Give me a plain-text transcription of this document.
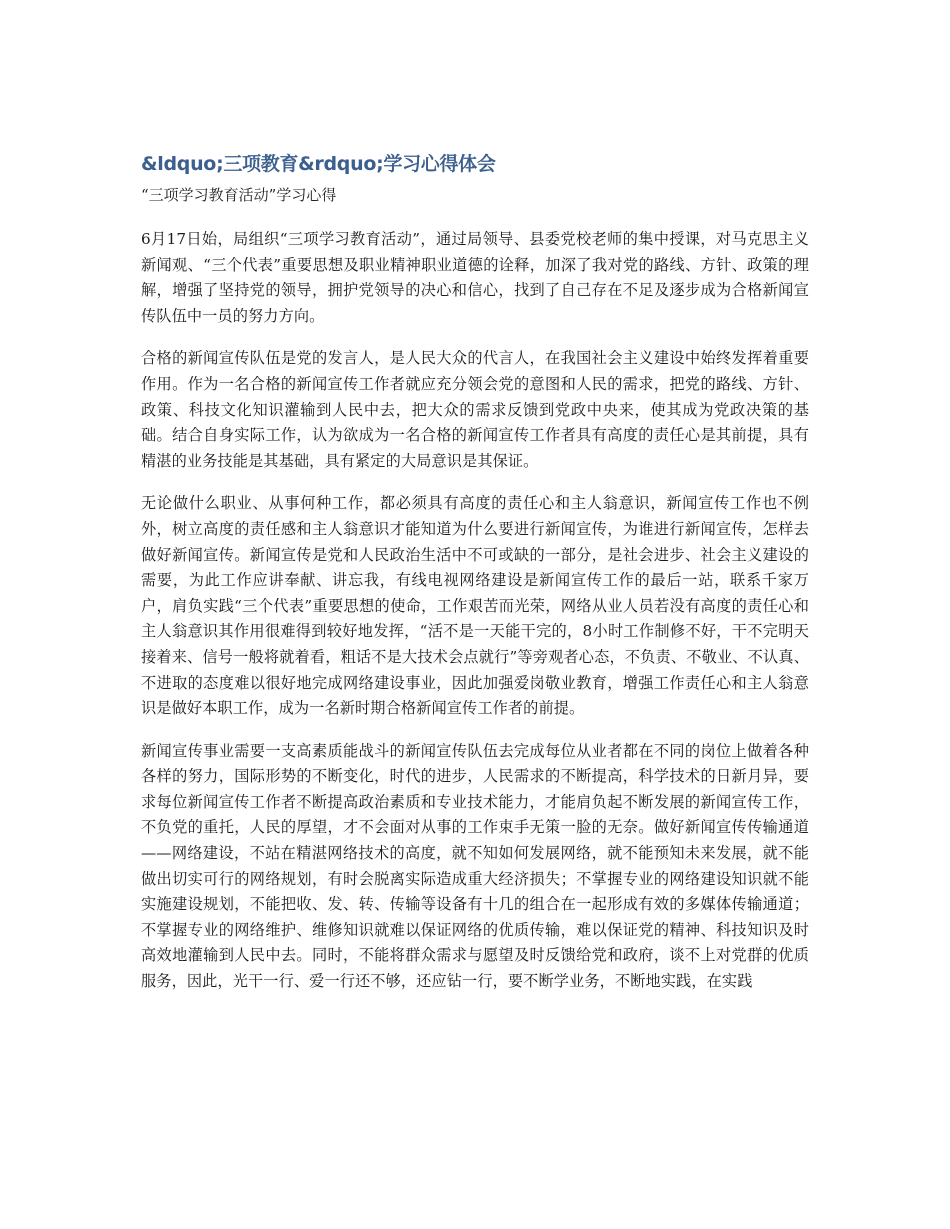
&ldquo;三项教育&rdquo;学习心得体会
“三项学习教育活动”学习心得

6月17日始，局组织“三项学习教育活动”，通过局领导、县委党校老师的集中授课，对马克思主义新闻观、“三个代表”重要思想及职业精神职业道德的诠释，加深了我对党的路线、方针、政策的理解，增强了坚持党的领导，拥护党领导的决心和信心，找到了自己存在不足及逐步成为合格新闻宣传队伍中一员的努力方向。

合格的新闻宣传队伍是党的发言人，是人民大众的代言人，在我国社会主义建设中始终发挥着重要作用。作为一名合格的新闻宣传工作者就应充分领会党的意图和人民的需求，把党的路线、方针、政策、科技文化知识灌输到人民中去，把大众的需求反馈到党政中央来，使其成为党政决策的基础。结合自身实际工作，认为欲成为一名合格的新闻宣传工作者具有高度的责任心是其前提，具有精湛的业务技能是其基础，具有紧定的大局意识是其保证。

无论做什么职业、从事何种工作，都必须具有高度的责任心和主人翁意识，新闻宣传工作也不例外，树立高度的责任感和主人翁意识才能知道为什么要进行新闻宣传，为谁进行新闻宣传，怎样去做好新闻宣传。新闻宣传是党和人民政治生活中不可或缺的一部分，是社会进步、社会主义建设的需要，为此工作应讲奉献、讲忘我，有线电视网络建设是新闻宣传工作的最后一站，联系千家万户，肩负实践“三个代表”重要思想的使命，工作艰苦而光荣，网络从业人员若没有高度的责任心和主人翁意识其作用很难得到较好地发挥，“活不是一天能干完的，8小时工作制修不好，干不完明天接着来、信号一般将就着看，粗话不是大技术会点就行”等旁观者心态，不负责、不敬业、不认真、不进取的态度难以很好地完成网络建设事业，因此加强爱岗敬业教育，增强工作责任心和主人翁意识是做好本职工作，成为一名新时期合格新闻宣传工作者的前提。

新闻宣传事业需要一支高素质能战斗的新闻宣传队伍去完成每位从业者都在不同的岗位上做着各种各样的努力，国际形势的不断变化，时代的进步，人民需求的不断提高，科学技术的日新月异，要求每位新闻宣传工作者不断提高政治素质和专业技术能力，才能肩负起不断发展的新闻宣传工作，不负党的重托，人民的厚望，才不会面对从事的工作束手无策一脸的无奈。做好新闻宣传传输通道——网络建设，不站在精湛网络技术的高度，就不知如何发展网络，就不能预知未来发展，就不能做出切实可行的网络规划，有时会脱离实际造成重大经济损失；不掌握专业的网络建设知识就不能实施建设规划，不能把收、发、转、传输等设备有十几的组合在一起形成有效的多媒体传输通道；不掌握专业的网络维护、维修知识就难以保证网络的优质传输，难以保证党的精神、科技知识及时高效地灌输到人民中去。同时，不能将群众需求与愿望及时反馈给党和政府，谈不上对党群的优质服务，因此，光干一行、爱一行还不够，还应钻一行，要不断学业务，不断地实践，在实践
